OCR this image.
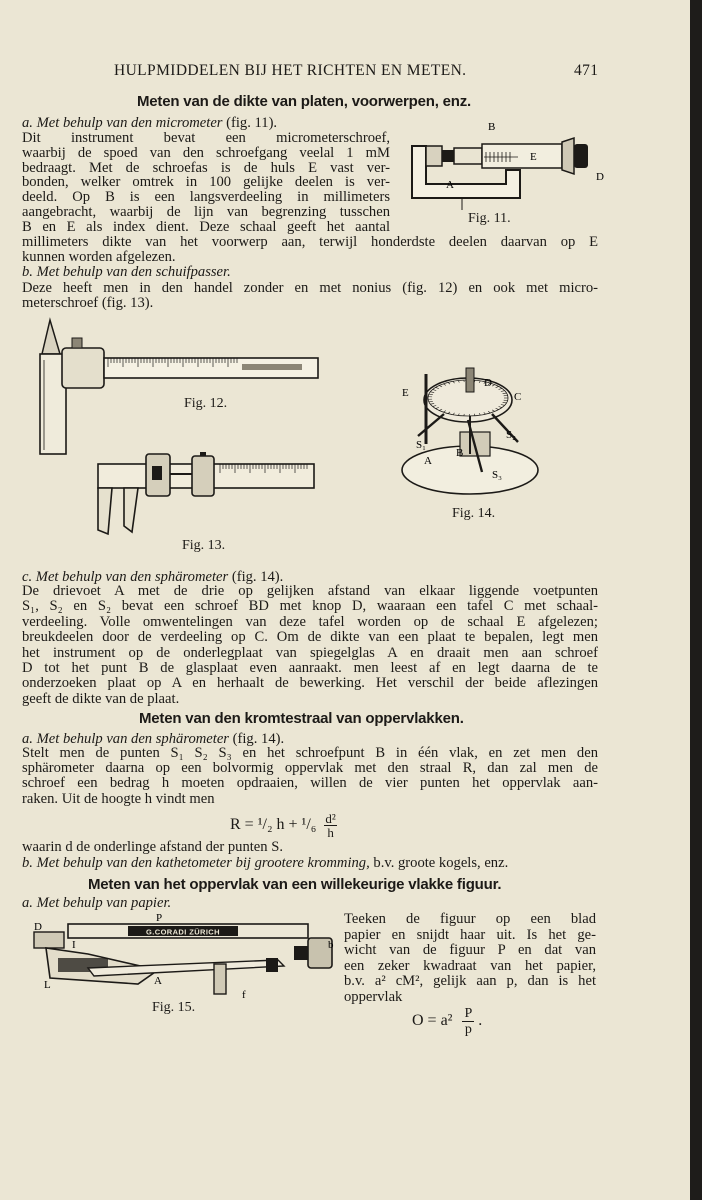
HULPMIDDELEN BIJ HET RICHTEN EN METEN.	471
Meten van de dikte van platen, voorwerpen, enz.
a. Met behulp van den micrometer (fig. 11).
Dit instrument bevat een micrometerschroef,
waarbij de spoed van den schroefgang veelal 1 mM
bedraagt. Met de schroefas is de huls E vast ver-
bonden, welker omtrek in 100 gelijke deelen is ver-
deeld. Op B is een langsverdeeling in millimeters
aangebracht, waarbij de lijn van begrenzing tusschen
B en E als index dient. Deze schaal geeft het aantal
B
E
D
A
Fig. 11.
millimeters dikte van het voorwerp aan, terwijl honderdste deelen daarvan op E
kunnen worden afgelezen.
b. Met behulp van den schuifpasser.
Deze heeft men in den handel zonder en met nonius (fig. 12) en ook met micro-
meterschroef (fig. 13).
Fig. 12.
Fig. 13.
E
D
C
S₁
B
A
S₂
S₃
Fig. 14.
c. Met behulp van den sphärometer (fig. 14).
De drievoet A met de drie op gelijken afstand van elkaar liggende voetpunten
S₁, S₂ en S₂ bevat een schroef BD met knop D, waaraan een tafel C met schaal-
verdeeling. Volle omwentelingen van deze tafel worden op de schaal E afgelezen;
breukdeelen door de verdeeling op C. Om de dikte van een plaat te bepalen, legt men
het instrument op de onderlegplaat van spiegelglas A en draait men aan schroef
D tot het punt B de glasplaat even aanraakt. men leest af en legt daarna de te
onderzoeken plaat op A en herhaalt de bewerking. Het verschil der beide aflezingen
geeft de dikte van de plaat.
Meten van den kromtestraal van oppervlakken.
a. Met behulp van den sphärometer (fig. 14).
Stelt men de punten S₁ S₂ S₃ en het schroefpunt B in één vlak, en zet men den
sphärometer daarna op een bolvormig oppervlak met den straal R, dan zal men de
schroef een bedrag h moeten opdraaien, willen de vier punten het oppervlak aan-
raken. Uit de hoogte h vindt men
R = ¹/₂ $h + ^1/_6 \frac{\text{d²}}{h}$
waarin d de onderlinge afstand der punten S.
b. Met behulp van den kathetometer bij grootere kromming, b.v. groote kogels, enz.
Meten van het oppervlak van een willekeurige vlakke figuur.
a. Met behulp van papier.
G.CORADI ZÜRICH
P
D
I	b
A
L
f
Fig. 15.
Teeken de figuur op een blad
papier en snijdt haar uit. Is het ge-
wicht van de figuur P en dat van
een zeker kwadraat van het papier,
b.v. a² cM², gelijk aan p, dan is het
oppervlak
$O = a^2 \frac{P}{p}$ .
